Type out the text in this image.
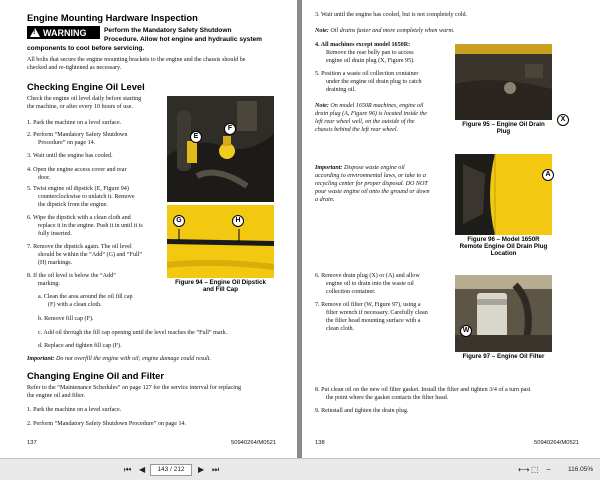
Engine Mounting Hardware Inspection
! WARNING	Perform the Mandatory Safety Shutdown
Procedure. Allow hot engine and hydraulic system
components to cool before servicing.
All bolts that secure the engine mounting brackets to the engine and the chassis should be
checked and re-tightened as necessary.
Checking Engine Oil Level
Check the engine oil level daily before starting
the machine, or after every 10 hours of use.
1. Park the machine on a level surface.
2. Perform “Mandatory Safety Shutdown
Procedure” on page 14.
3. Wait until the engine has cooled.
4. Open the engine access cover and rear
door.
5. Twist engine oil dipstick (E, Figure 94)
counterclockwise to unlatch it. Remove
the dipstick from the engine.
6. Wipe the dipstick with a clean cloth and
replace it in the engine. Push it in until it is
fully inserted.
7. Remove the dipstick again. The oil level
should be within the “Add” (G) and “Full”
(H) markings.
8. If the oil level is below the “Add”
marking:
a. Clean the area around the oil fill cap
(F) with a clean cloth.
b. Remove fill cap (F).
c. Add oil through the fill cap opening until the level reaches the “Full” mark.
d. Replace and tighten fill cap (F).
Important: Do not overfill the engine with oil; engine damage could result.
Changing Engine Oil and Filter
Refer to the “Maintenance Schedules” on page 127 for the service interval for replacing
the engine oil and filter.
1. Park the machine on a level surface.
2. Perform “Mandatory Safety Shutdown Procedure” on page 14.
E
F
G	H
Figure 94 – Engine Oil Dipstick
and Fill Cap
137	50940264/M0521
3. Wait until the engine has cooled, but is not completely cold.
Note: Oil drains faster and more completely when warm.
4. All machines except model 1650R:
Remove the rear belly pan to access
engine oil drain plug (X, Figure 95).
5. Position a waste oil collection container
under the engine oil drain plug to catch
draining oil.
Note: On model 1650R machines, engine oil
drain plug (A, Figure 96) is located inside the
left rear wheel well, on the outside of the
chassis behind the left rear wheel.
Important: Dispose waste engine oil
according to environmental laws, or take to a
recycling center for proper disposal. DO NOT
pour waste engine oil onto the ground or down
a drain.
6. Remove drain plug (X) or (A) and allow
engine oil to drain into the waste oil
collection container.
7. Remove oil filter (W, Figure 97), using a
filter wrench if necessary. Carefully clean
the filter head mounting surface with a
clean cloth.
8. Put clean oil on the new oil filter gasket. Install the filter and tighten 3/4 of a turn past
the point where the gasket contacts the filter head.
9. Reinstall and tighten the drain plug.
X
Figure 95 – Engine Oil Drain
Plug
A
Figure 96 – Model 1650R
Remote Engine Oil Drain Plug
Location
W
Figure 97 – Engine Oil Filter
138	50940264/M0521
⏮ ◀	143 / 212	▶ ⏭	⟷ ⬚ −	116.05%
